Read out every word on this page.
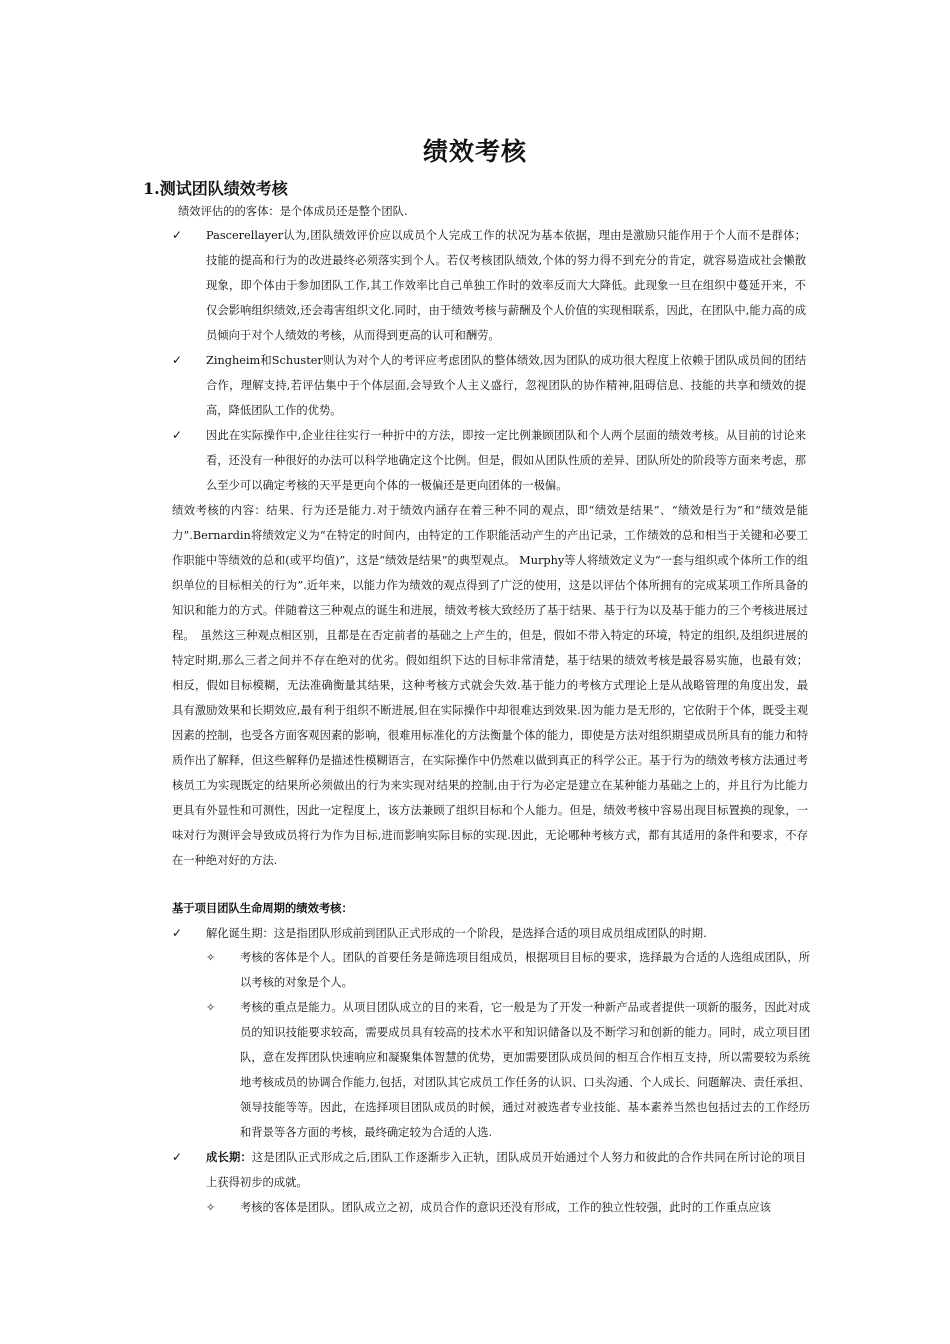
绩效考核
1.测试团队绩效考核

绩效评估的的客体：是个体成员还是整个团队.

✓ Pascerellayer认为,团队绩效评价应以成员个人完成工作的状况为基本依据，理由是激励只能作用于个人而不是群体；技能的提高和行为的改进最终必须落实到个人。若仅考核团队绩效,个体的努力得不到充分的肯定，就容易造成社会懒散现象，即个体由于参加团队工作,其工作效率比自己单独工作时的效率反而大大降低。此现象一旦在组织中蔓延开来，不仅会影响组织绩效,还会毒害组织文化.同时，由于绩效考核与薪酬及个人价值的实现相联系，因此，在团队中,能力高的成员倾向于对个人绩效的考核，从而得到更高的认可和酬劳。

✓ Zingheim和Schuster则认为对个人的考评应考虑团队的整体绩效,因为团队的成功很大程度上依赖于团队成员间的团结合作，理解支持,若评估集中于个体层面,会导致个人主义盛行，忽视团队的协作精神,阻碍信息、技能的共享和绩效的提高，降低团队工作的优势。

✓ 因此在实际操作中,企业往往实行一种折中的方法，即按一定比例兼顾团队和个人两个层面的绩效考核。从目前的讨论来看，还没有一种很好的办法可以科学地确定这个比例。但是，假如从团队性质的差异、团队所处的阶段等方面来考虑，那么至少可以确定考核的天平是更向个体的一极偏还是更向团体的一极偏。

绩效考核的内容：结果、行为还是能力.对于绩效内涵存在着三种不同的观点，即“绩效是结果”、“绩效是行为”和“绩效是能力”.Bernardin将绩效定义为“在特定的时间内，由特定的工作职能活动产生的产出记录，工作绩效的总和相当于关键和必要工作职能中等绩效的总和(或平均值)”，这是“绩效是结果”的典型观点。 Murphy等人将绩效定义为“一套与组织或个体所工作的组织单位的目标相关的行为”.近年来，以能力作为绩效的观点得到了广泛的使用，这是以评估个体所拥有的完成某项工作所具备的知识和能力的方式。伴随着这三种观点的诞生和进展，绩效考核大致经历了基于结果、基于行为以及基于能力的三个考核进展过程。　虽然这三种观点相区别，且都是在否定前者的基础之上产生的，但是，假如不带入特定的环境，特定的组织,及组织进展的特定时期,那么三者之间并不存在绝对的优劣。假如组织下达的目标非常清楚，基于结果的绩效考核是最容易实施，也最有效；相反，假如目标模糊，无法准确衡量其结果，这种考核方式就会失效.基于能力的考核方式理论上是从战略管理的角度出发，最具有激励效果和长期效应,最有利于组织不断进展,但在实际操作中却很难达到效果.因为能力是无形的，它依附于个体，既受主观因素的控制，也受各方面客观因素的影响，很难用标准化的方法衡量个体的能力，即使是方法对组织期望成员所具有的能力和特质作出了解释，但这些解释仍是描述性模糊语言，在实际操作中仍然难以做到真正的科学公正。基于行为的绩效考核方法通过考核员工为实现既定的结果所必须做出的行为来实现对结果的控制,由于行为必定是建立在某种能力基础之上的，并且行为比能力更具有外显性和可测性，因此一定程度上，该方法兼顾了组织目标和个人能力。但是，绩效考核中容易出现目标置换的现象，一味对行为测评会导致成员将行为作为目标,进而影响实际目标的实现.因此，无论哪种考核方式，都有其适用的条件和要求，不存在一种绝对好的方法.

基于项目团队生命周期的绩效考核：
✓ 解化诞生期：这是指团队形成前到团队正式形成的一个阶段，是选择合适的项目成员组成团队的时期.

✧ 考核的客体是个人。团队的首要任务是筛选项目组成员，根据项目目标的要求，选择最为合适的人选组成团队，所以考核的对象是个人。

✧ 考核的重点是能力。从项目团队成立的目的来看，它一般是为了开发一种新产品或者提供一项新的服务，因此对成员的知识技能要求较高，需要成员具有较高的技术水平和知识储备以及不断学习和创新的能力。同时，成立项目团队，意在发挥团队快速响应和凝聚集体智慧的优势，更加需要团队成员间的相互合作相互支持，所以需要较为系统地考核成员的协调合作能力,包括，对团队其它成员工作任务的认识、口头沟通、个人成长、问题解决、责任承担、领导技能等等。因此，在选择项目团队成员的时候，通过对被选者专业技能、基本素养当然也包括过去的工作经历和背景等各方面的考核，最终确定较为合适的人选.

✓ 成长期：这是团队正式形成之后,团队工作逐渐步入正轨，团队成员开始通过个人努力和彼此的合作共同在所讨论的项目上获得初步的成就。

✧ 考核的客体是团队。团队成立之初，成员合作的意识还没有形成，工作的独立性较强，此时的工作重点应该
